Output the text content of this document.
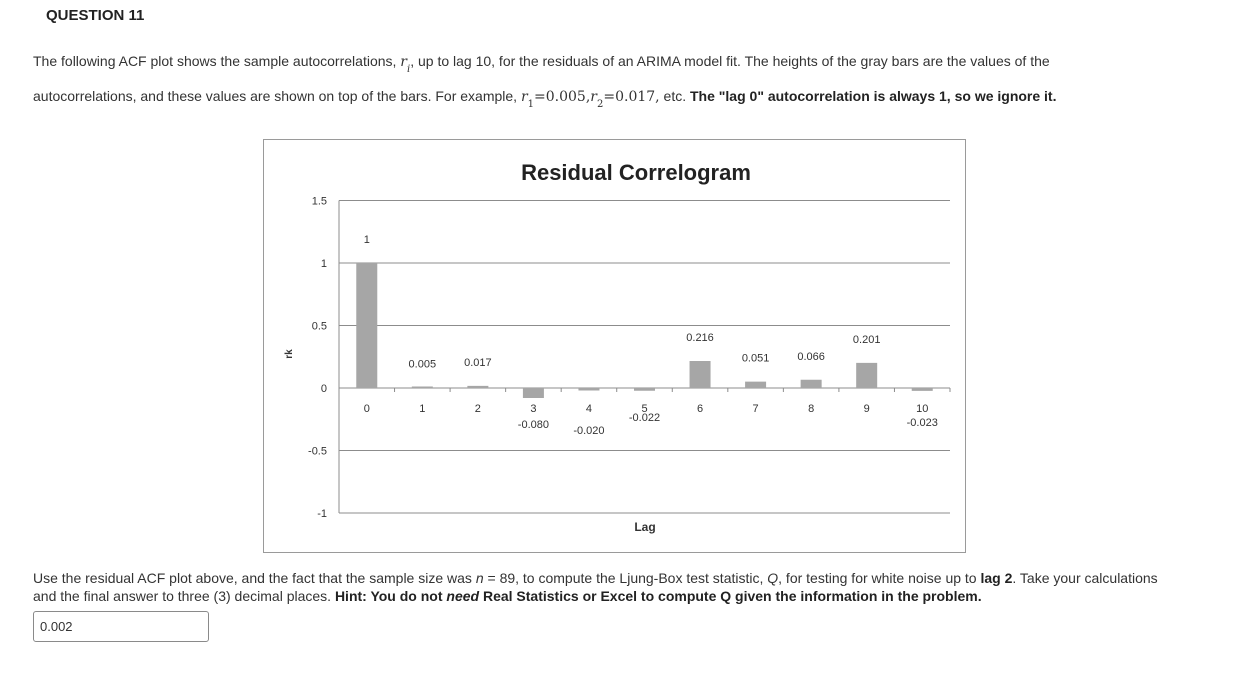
QUESTION 11
The following ACF plot shows the sample autocorrelations, $r_i$, up to lag 10, for the residuals of an ARIMA model fit. The heights of the gray bars are the values of the
autocorrelations, and these values are shown on top of the bars. For example, $r_1=0.005,r_2=0.017$, etc. The "lag 0" autocorrelation is always 1, so we ignore it.
Residual Correlogram
1.5
1
0.5
0
-0.5
-1
0
1
1
0.005
2
0.017
3
-0.080
4
-0.020
5
-0.022
6
0.216
7
0.051
8
0.066
9
0.201
10
-0.023
Lag
rk
Use the residual ACF plot above, and the fact that the sample size was n = 89, to compute the Ljung-Box test statistic, Q, for testing for white noise up to lag 2. Take your calculations and the final answer to three (3) decimal places. Hint: You do not need Real Statistics or Excel to compute Q given the information in the problem.
0.002
